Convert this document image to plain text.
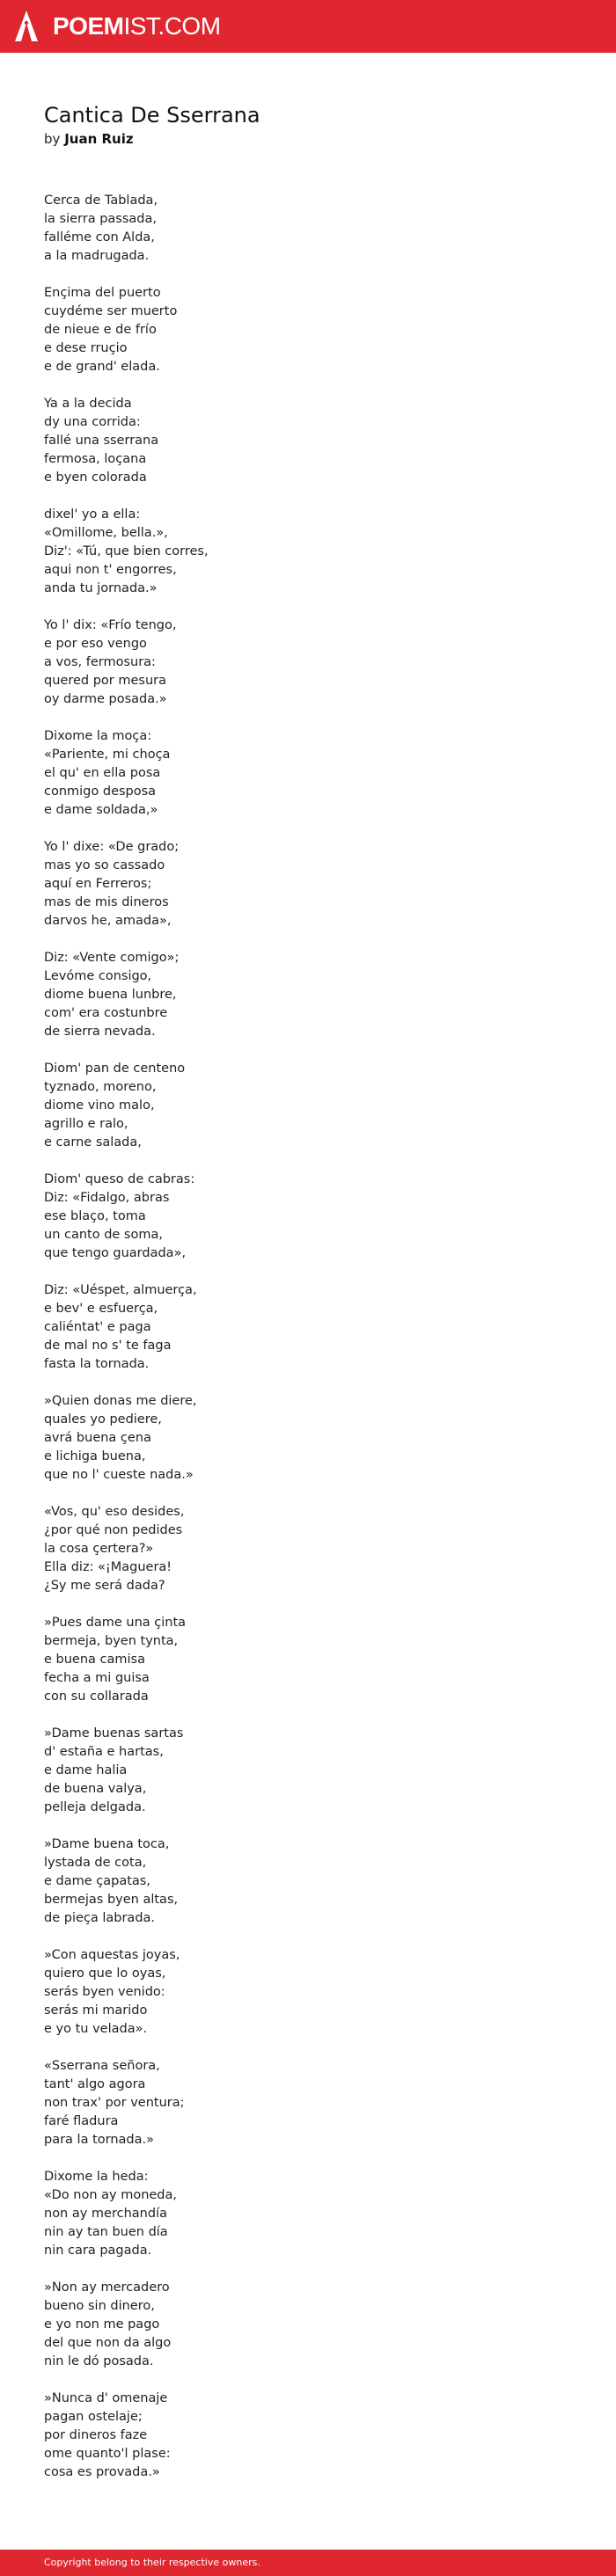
POEMIST.COM
Cantica De Sserrana
by Juan Ruiz
Cerca de Tablada,
la sierra passada,
falléme con Alda,
a la madrugada.
Ençima del puerto
cuydéme ser muerto
de nieue e de frío
e dese rruçio
e de grand' elada.
Ya a la decida
dy una corrida:
fallé una sserrana
fermosa, loçana
e byen colorada
dixel' yo a ella:
«Omillome, bella.»,
Diz': «Tú, que bien corres,
aqui non t' engorres,
anda tu jornada.»
Yo l' dix: «Frío tengo,
e por eso vengo
a vos, fermosura:
quered por mesura
oy darme posada.»
Dixome la moça:
«Pariente, mi choça
el qu' en ella posa
conmigo desposa
e dame soldada,»
Yo l' dixe: «De grado;
mas yo so cassado
aquí en Ferreros;
mas de mis dineros
darvos he, amada»,
Diz: «Vente comigo»;
Levóme consigo,
diome buena lunbre,
com' era costunbre
de sierra nevada.
Diom' pan de centeno
tyznado, moreno,
diome vino malo,
agrillo e ralo,
e carne salada,
Diom' queso de cabras:
Diz: «Fidalgo, abras
ese blaço, toma
un canto de soma,
que tengo guardada»,
Diz: «Uéspet, almuerça,
e bev' e esfuerça,
caliéntat' e paga
de mal no s' te faga
fasta la tornada.
»Quien donas me diere,
quales yo pediere,
avrá buena çena
e lichiga buena,
que no l' cueste nada.»
«Vos, qu' eso desides,
¿por qué non pedides
la cosa çertera?»
Ella diz: «¡Maguera!
¿Sy me será dada?
»Pues dame una çinta
bermeja, byen tynta,
e buena camisa
fecha a mi guisa
con su collarada
»Dame buenas sartas
d' estaña e hartas,
e dame halia
de buena valya,
pelleja delgada.
»Dame buena toca,
lystada de cota,
e dame çapatas,
bermejas byen altas,
de pieça labrada.
»Con aquestas joyas,
quiero que lo oyas,
serás byen venido:
serás mi marido
e yo tu velada».
«Sserrana señora,
tant' algo agora
non trax' por ventura;
faré fladura
para la tornada.»
Dixome la heda:
«Do non ay moneda,
non ay merchandía
nin ay tan buen día
nin cara pagada.
»Non ay mercadero
bueno sin dinero,
e yo non me pago
del que non da algo
nin le dó posada.
»Nunca d' omenaje
pagan ostelaje;
por dineros faze
ome quanto'l plase:
cosa es provada.»
Copyright belong to their respective owners.
